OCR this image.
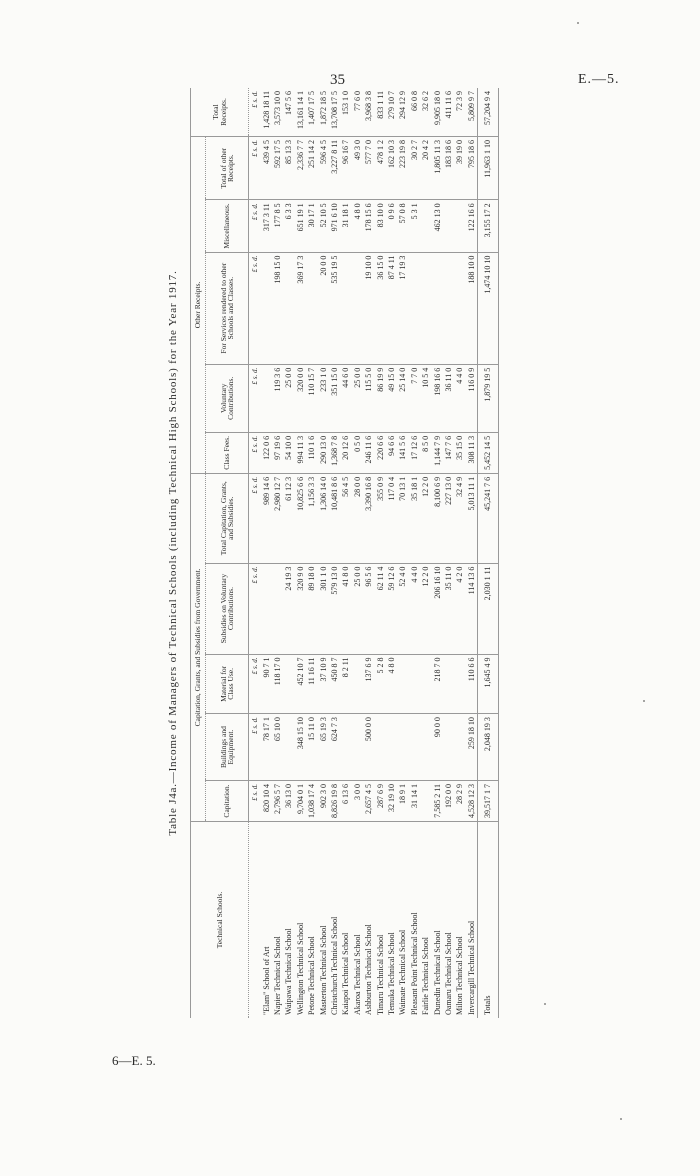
35	E.—5.
6—E. 5.
Table J4a.—Income of Managers of Technical Schools (including Technical High Schools) for the Year 1917.
Technical Schools.	Capitation, Grants, and Subsidies from Government.					Other Receipts.					Total Receipts.
	Capitation.	Buildings and Equipment.	Material for Class Use.	Subsidies on Voluntary Contributions.	Total Capitation, Grants, and Subsidies.	Class Fees.	Voluntary Contributions.	For Services rendered to other Schools and Classes.	Miscellaneous.	Total of other Receipts.	
	£ s. d.	£ s. d.	£ s. d.	£ s. d.	£ s. d.	£ s. d.	£ s. d.	£ s. d.	£ s. d.	£ s. d.	£ s. d.
"Elam" School of Art	820 10 4	78 17 1	90 7 1		989 14 6	122 0 6			317 3 11	439 4 5	1,428 18 11
Napier Technical School	2,796 5 7	65 10 0	118 17 0		2,980 12 7	97 19 6	119 3 6	198 15 0	177 8 5	592 17 5	3,573 10 0
Waipawa Technical School	36 13 0			24 19 3	61 12 3	54 10 0	25 0 0		6 3 3	85 13 3	147 5 6
Wellington Technical School	9,704 0 1	348 15 10	452 10 7	320 9 0	10,825 6 6	994 11 3	320 0 0	369 17 3	651 19 1	2,336 7 7	13,161 14 1
Petone Technical School	1,038 17 4	15 11 0	11 16 11	89 18 0	1,156 3 3	110 1 6	110 15 7		30 17 1	251 14 2	1,407 17 5
Masterton Technical School	902 3 0	65 19 3	37 10 9	301 1 0	1,306 14 0	290 13 0	233 1 0	20 0 0	52 10 5	596 4 5	1,872 18 5
Christchurch Technical School	8,826 19 8	624 7 3	450 8 7	579 13 0	10,481 8 6	1,368 7 8	351 15 0	535 19 5	971 6 10	3,227 8 11	13,708 17 5
Kaiapoi Technical School	6 13 6		8 2 11	41 8 0	56 4 5	20 12 6	44 6 0		31 18 1	96 16 7	153 1 0
Akaroa Technical School	3 0 0			25 0 0	28 0 0	0 5 0	25 0 0		4 8 0	49 3 0	77 6 0
Ashburton Technical School	2,657 4 5	500 0 0	137 6 9	96 5 6	3,390 16 8	246 11 6	115 5 0	19 10 0	178 15 6	577 7 0	3,968 3 8
Timaru Technical School	287 6 9		5 2 8	62 11 4	355 0 9	220 6 6	86 19 9	36 15 0	83 10 0	478 1 2	833 1 11
Temuka Technical School	32 19 10		4 8 0	59 12 6	117 0 4	94 6 6	49 15 0	87 4 11	0 9 6	162 10 3	279 10 7
Waimate Technical School	18 9 1			52 4 0	70 13 1	141 5 6	25 14 0	17 19 3	57 0 8	223 19 8	294 12 9
Pleasant Point Technical School	31 14 1			4 4 0	35 18 1	17 12 6	7 7 0		5 3 1	30 2 7	66 0 8
Fairlie Technical School				12 2 0	12 2 0	8 5 0	10 5 4			20 4 2	32 6 2
Dunedin Technical School	7,585 2 11	90 0 0	218 7 0	206 16 10	8,100 6 9	1,144 7 9	198 16 6		462 13 0	1,805 11 3	9,905 18 0
Oamaru Technical School	192 0 0			35 11 0	227 13 0	147 7 6	36 11 0			183 18 6	411 11 6
Milton Technical School	28 2 9			4 2 0	32 4 9	35 15 0	4 4 0			39 19 0	72 3 9
Invercargill Technical School	4,528 12 3	259 18 10	110 6 6	114 13 6	5,013 11 1	308 11 3	116 0 9	188 10 0	122 16 6	795 18 6	5,809 9 7
Totals	39,517 1 7	2,048 19 3	1,645 4 9	2,030 1 11	45,241 7 6	5,452 14 5	1,879 19 5	1,474 10 10	3,155 17 2	11,963 1 10	57,204 9 4
